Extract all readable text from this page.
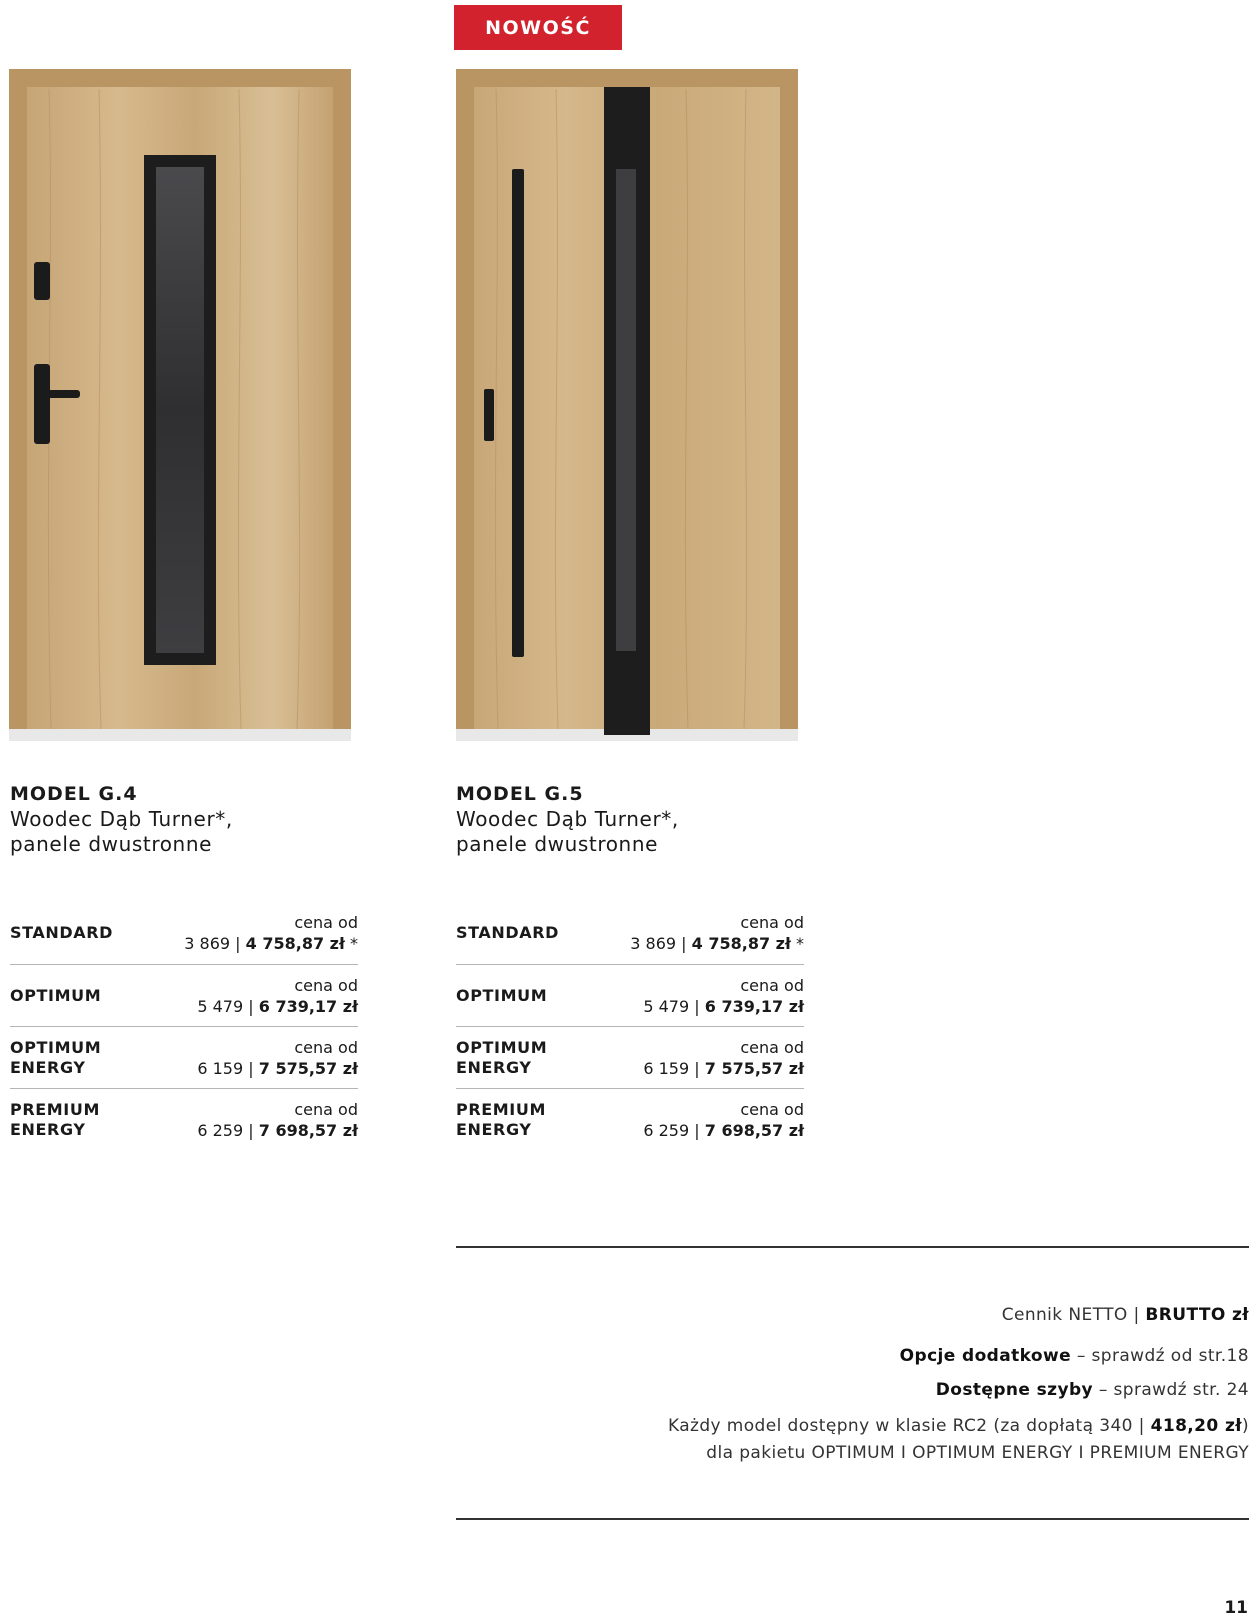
NOWOŚĆ
MODEL G.4
Woodec Dąb Turner*,
panele dwustronne
STANDARD
cena od
3 869 | 4 758,87 zł *
OPTIMUM
cena od
5 479 | 6 739,17 zł
OPTIMUM
ENERGY
cena od
6 159 | 7 575,57 zł
PREMIUM
ENERGY
cena od
6 259 | 7 698,57 zł
MODEL G.5
Woodec Dąb Turner*,
panele dwustronne
STANDARD
cena od
3 869 | 4 758,87 zł *
OPTIMUM
cena od
5 479 | 6 739,17 zł
OPTIMUM
ENERGY
cena od
6 159 | 7 575,57 zł
PREMIUM
ENERGY
cena od
6 259 | 7 698,57 zł
Cennik NETTO | BRUTTO zł
Opcje dodatkowe – sprawdź od str.18
Dostępne szyby – sprawdź str. 24
Każdy model dostępny w klasie RC2 (za dopłatą 340 | 418,20 zł)
dla pakietu OPTIMUM I OPTIMUM ENERGY I PREMIUM ENERGY
11
